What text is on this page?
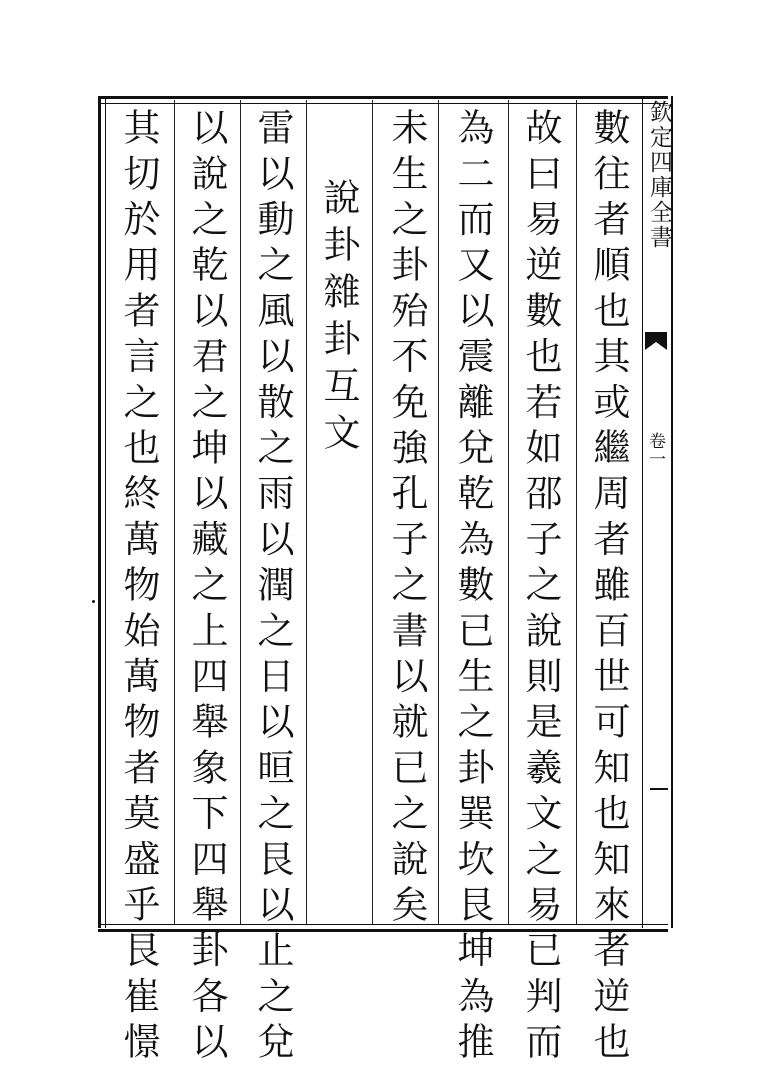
欽定四庫全書
卷一
數往者順也其或繼周者雖百世可知也知來者逆也
故曰易逆數也若如邵子之說則是羲文之易已判而
為二而又以震離兌乾為數已生之卦巽坎艮坤為推
未生之卦殆不免強孔子之書以就已之說矣
說卦雜卦互文
雷以動之風以散之雨以潤之日以晅之艮以止之兌
以說之乾以君之坤以藏之上四舉象下四舉卦各以
其切於用者言之也終萬物始萬物者莫盛乎艮崔憬
